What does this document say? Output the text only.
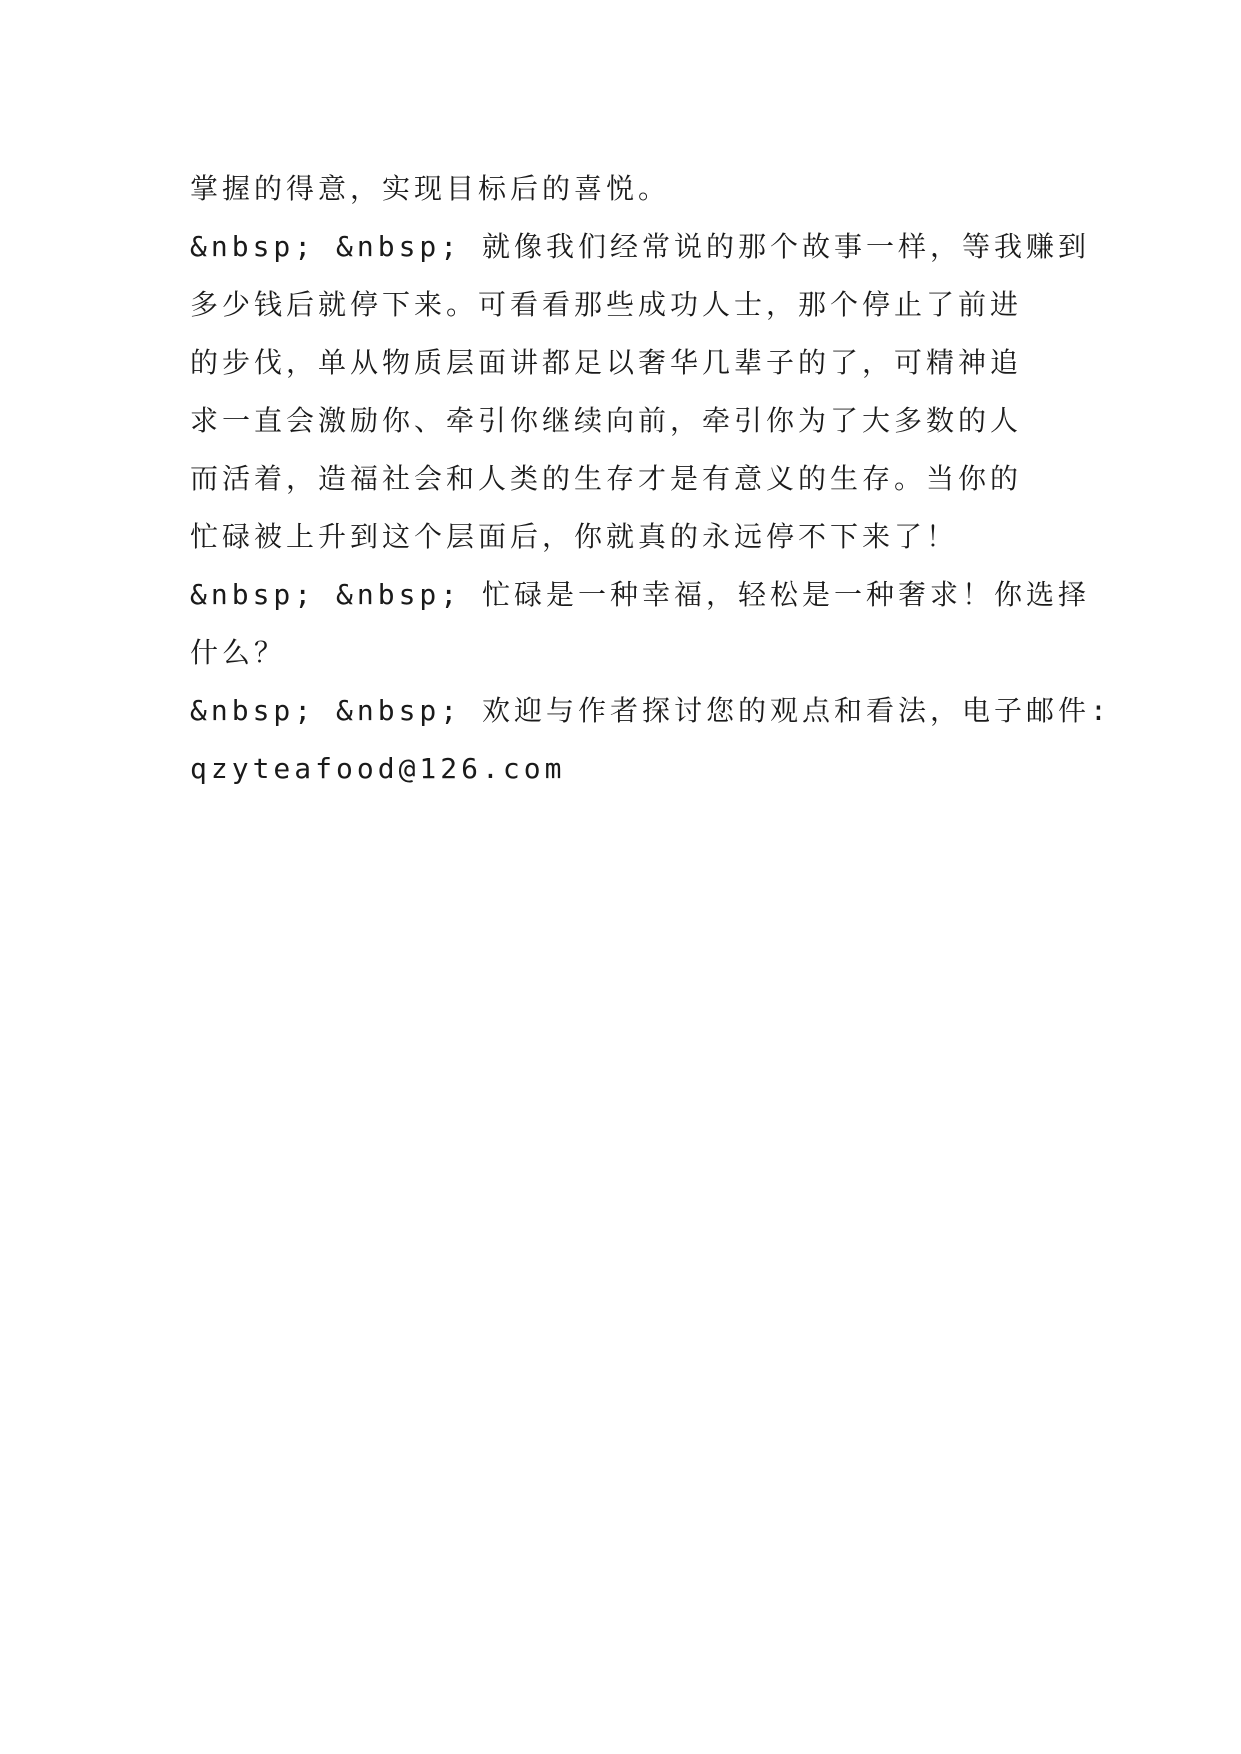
掌握的得意，实现目标后的喜悦。
&nbsp; &nbsp; 就像我们经常说的那个故事一样，等我赚到
多少钱后就停下来。可看看那些成功人士，那个停止了前进
的步伐，单从物质层面讲都足以奢华几辈子的了，可精神追
求一直会激励你、牵引你继续向前，牵引你为了大多数的人
而活着，造福社会和人类的生存才是有意义的生存。当你的
忙碌被上升到这个层面后，你就真的永远停不下来了！
&nbsp; &nbsp; 忙碌是一种幸福，轻松是一种奢求！你选择
什么？
&nbsp; &nbsp; 欢迎与作者探讨您的观点和看法，电子邮件:
qzyteafood@126.com
